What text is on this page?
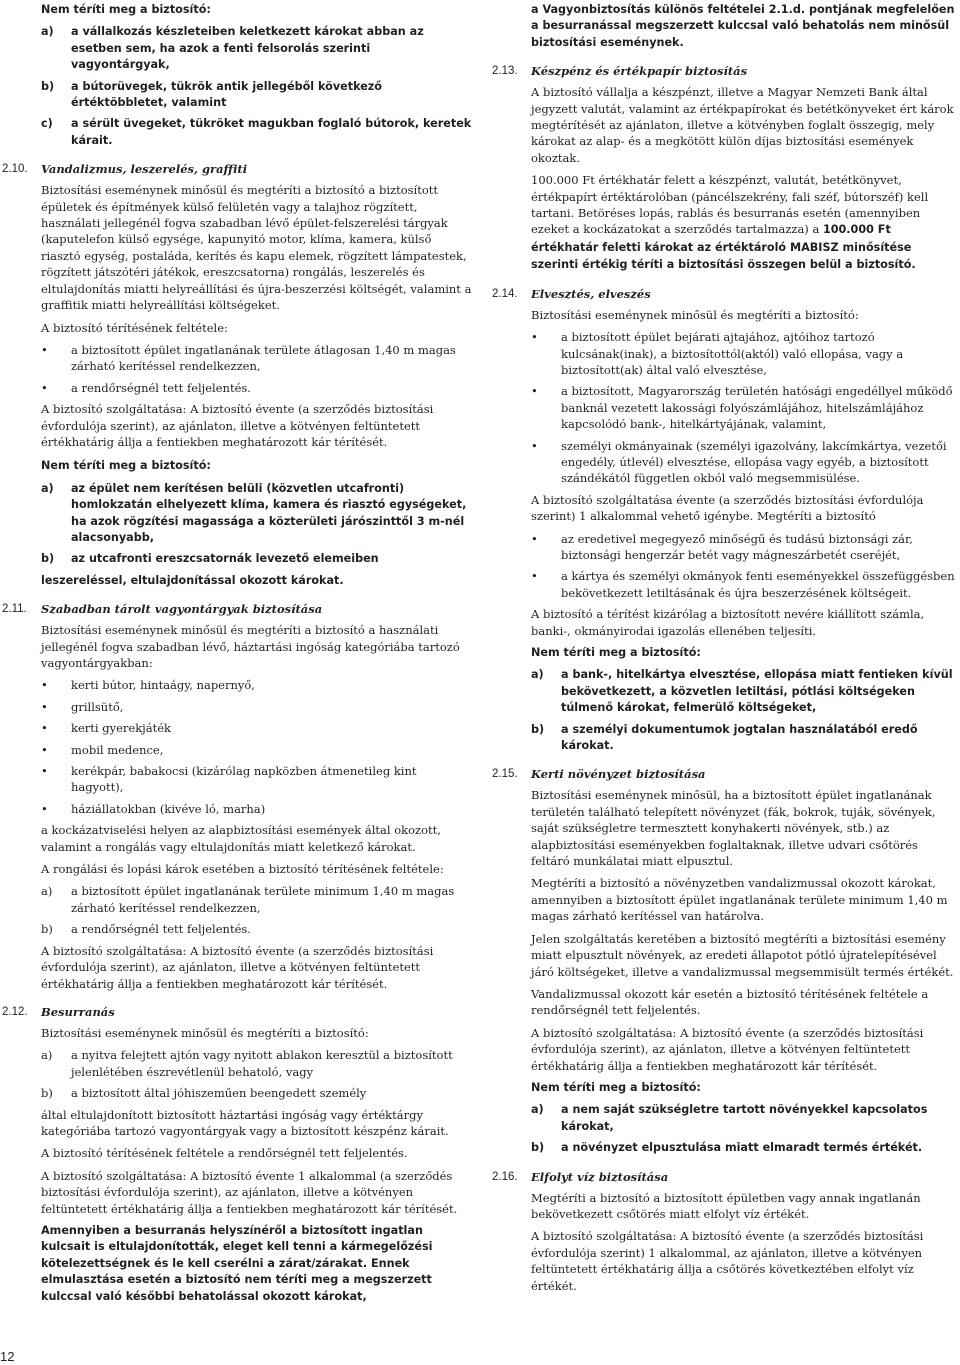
Nem téríti meg a biztosító:

a) a vállalkozás készleteiben keletkezett károkat abban az esetben sem, ha azok a fenti felsorolás szerinti vagyontárgyak,
b) a bútorüvegek, tükrök antik jellegéből következő értéktöbbletet, valamint
c) a sérült üvegeket, tükröket magukban foglaló bútorok, keretek kárait.
2.10. Vandalizmus, leszerelés, graffiti

Biztosítási eseménynek minősül és megtéríti a biztosító a biztosított épületek és építmények külső felületén vagy a talajhoz rögzített, használati jellegénél fogva szabadban lévő épület-felszerelési tárgyak (kaputelefon külső egysége, kapunyitó motor, klíma, kamera, külső riasztó egység, postaláda, kerítés és kapu elemek, rögzített lámpatestek, rögzített játszótéri játékok, ereszcsatorna) rongálás, leszerelés és eltulajdonítás miatti helyreállítási és újra-beszerzési költségét, valamint a graffitik miatti helyreállítási költségeket.

A biztosító térítésének feltétele:

• a biztosított épület ingatlanának területe átlagosan 1,40 m magas zárható kerítéssel rendelkezzen,
• a rendőrségnél tett feljelentés.

A biztosító szolgáltatása: A biztosító évente (a szerződés biztosítási évfordulója szerint), az ajánlaton, illetve a kötvényen feltüntetett értékhatárig állja a fentiekben meghatározott kár térítését.

Nem téríti meg a biztosító:

a) az épület nem kerítésen belüli (közvetlen utcafronti) homlokzatán elhelyezett klíma, kamera és riasztó egységeket, ha azok rögzítési magassága a közterületi járószinttől 3 m-nél alacsonyabb,
b) az utcafronti ereszcsatornák levezető elemeiben

leszereléssel, eltulajdonítással okozott károkat.

2.11. Szabadban tárolt vagyontárgyak biztosítása

Biztosítási eseménynek minősül és megtéríti a biztosító a használati jellegénél fogva szabadban lévő, háztartási ingóság kategóriába tartozó vagyontárgyakban:

• kerti bútor, hintaágy, napernyő,
• grillsütő,
• kerti gyerekjáték
• mobil medence,
• kerékpár, babakocsi (kizárólag napközben átmenetileg kint hagyott),
• háziállatokban (kivéve ló, marha)

a kockázatviselési helyen az alapbiztosítási események által okozott, valamint a rongálás vagy eltulajdonítás miatt keletkező károkat.

A rongálási és lopási károk esetében a biztosító térítésének feltétele:

a) a biztosított épület ingatlanának területe minimum 1,40 m magas zárható kerítéssel rendelkezzen,
b) a rendőrségnél tett feljelentés.

A biztosító szolgáltatása: A biztosító évente (a szerződés biztosítási évfordulója szerint), az ajánlaton, illetve a kötvényen feltüntetett értékhatárig állja a fentiekben meghatározott kár térítését.

2.12. Besurranás

Biztosítási eseménynek minősül és megtéríti a biztosító:

a) a nyitva felejtett ajtón vagy nyitott ablakon keresztül a biztosított jelenlétében észrevétlenül behatoló, vagy
b) a biztosított által jóhiszeműen beengedett személy

által eltulajdonított biztosított háztartási ingóság vagy értéktárgy kategóriába tartozó vagyontárgyak vagy a biztosított készpénz kárait.

A biztosító térítésének feltétele a rendőrségnél tett feljelentés.

A biztosító szolgáltatása: A biztosító évente 1 alkalommal (a szerződés biztosítási évfordulója szerint), az ajánlaton, illetve a kötvényen feltüntetett értékhatárig állja a fentiekben meghatározott kár térítését.

Amennyiben a besurranás helyszínéről a biztosított ingatlan kulcsait is eltulajdonították, eleget kell tenni a kármegelőzési kötelezettségnek és le kell cserélni a zárat/zárakat. Ennek elmulasztása esetén a biztosító nem téríti meg a megszerzett kulccsal való későbbi behatolással okozott károkat,

a Vagyonbiztosítás különös feltételei 2.1.d. pontjának megfelelően a besurranással megszerzett kulccsal való behatolás nem minősül biztosítási eseménynek.

2.13. Készpénz és értékpapír biztosítás

A biztosító vállalja a készpénzt, illetve a Magyar Nemzeti Bank által jegyzett valutát, valamint az értékpapírokat és betétkönyveket ért károk megtérítését az ajánlaton, illetve a kötvényben foglalt összegig, mely károkat az alap- és a megkötött külön díjas biztosítási események okoztak.

100.000 Ft értékhatár felett a készpénzt, valutát, betétkönyvet, értékpapírt értéktárolóban (páncélszekrény, fali széf, bútorszéf) kell tartani. Betöréses lopás, rablás és besurranás esetén (amennyiben ezeket a kockázatokat a szerződés tartalmazza) a 100.000 Ft értékhatár feletti károkat az értéktároló MABISZ minősítése szerinti értékig téríti a biztosítási összegen belül a biztosító.

2.14. Elvesztés, elveszés

Biztosítási eseménynek minősül és megtéríti a biztosító:

• a biztosított épület bejárati ajtajához, ajtóihoz tartozó kulcsának(inak), a biztosítottól(aktól) való ellopása, vagy a biztosított(ak) által való elvesztése,
• a biztosított, Magyarország területén hatósági engedéllyel működő banknál vezetett lakossági folyószámlájához, hitelszámlájához kapcsolódó bank-, hitelkártyájának, valamint,
• személyi okmányainak (személyi igazolvány, lakcímkártya, vezetői engedély, útlevél) elvesztése, ellopása vagy egyéb, a biztosított szándékától független okból való megsemmisülése.

A biztosító szolgáltatása évente (a szerződés biztosítási évfordulója szerint) 1 alkalommal vehető igénybe. Megtéríti a biztosító

• az eredetivel megegyező minőségű és tudású biztonsági zár, biztonsági hengerzár betét vagy mágneszárbetét cseréjét,
• a kártya és személyi okmányok fenti eseményekkel összefüggésben bekövetkezett letiltásának és újra beszerzésének költségeit.

A biztosító a térítést kizárólag a biztosított nevére kiállított számla, banki-, okmányirodai igazolás ellenében teljesíti.

Nem téríti meg a biztosító:

a) a bank-, hitelkártya elvesztése, ellopása miatt fentieken kívül bekövetkezett, a közvetlen letiltási, pótlási költségeken túlmenő károkat, felmerülő költségeket,
b) a személyi dokumentumok jogtalan használatából eredő károkat.
2.15. Kerti növényzet biztosítása

Biztosítási eseménynek minősül, ha a biztosított épület ingatlanának területén található telepített növényzet (fák, bokrok, tuják, sövények, saját szükségletre termesztett konyhakerti növények, stb.) az alapbiztosítási eseményekben foglaltaknak, illetve udvari csőtörés feltáró munkálatai miatt elpusztul.

Megtéríti a biztosító a növényzetben vandalizmussal okozott károkat, amennyiben a biztosított épület ingatlanának területe minimum 1,40 m magas zárható kerítéssel van határolva.

Jelen szolgáltatás keretében a biztosító megtéríti a biztosítási esemény miatt elpusztult növények, az eredeti állapotot pótló újratelepítésével járó költségeket, illetve a vandalizmussal megsemmisült termés értékét.

Vandalizmussal okozott kár esetén a biztosító térítésének feltétele a rendőrségnél tett feljelentés.

A biztosító szolgáltatása: A biztosító évente (a szerződés biztosítási évfordulója szerint), az ajánlaton, illetve a kötvényen feltüntetett értékhatárig állja a fentiekben meghatározott kár térítését.

Nem téríti meg a biztosító:

a) a nem saját szükségletre tartott növényekkel kapcsolatos károkat,
b) a növényzet elpusztulása miatt elmaradt termés értékét.
2.16. Elfolyt víz biztosítása

Megtéríti a biztosító a biztosított épületben vagy annak ingatlanán bekövetkezett csőtörés miatt elfolyt víz értékét.

A biztosító szolgáltatása: A biztosító évente (a szerződés biztosítási évfordulója szerint) 1 alkalommal, az ajánlaton, illetve a kötvényen feltüntetett értékhatárig állja a csőtörés következtében elfolyt víz értékét.

12
